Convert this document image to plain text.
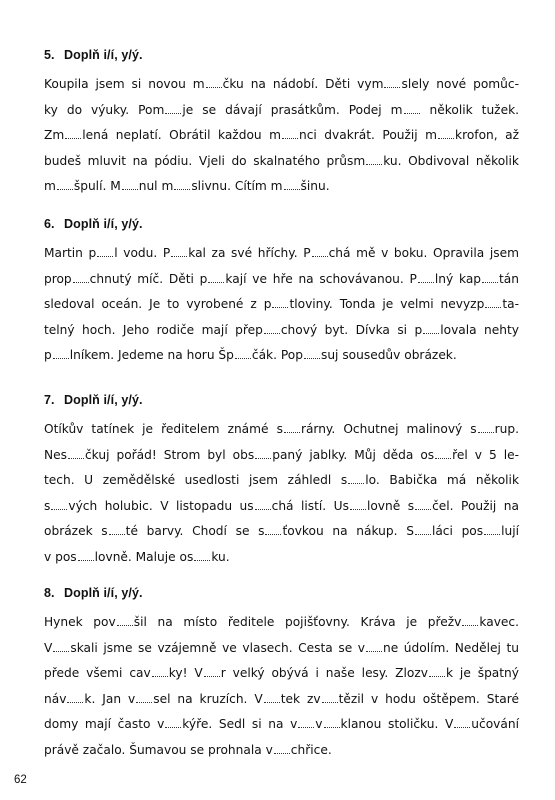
5. Doplň i/í, y/ý.
Koupila jsem si novou m čku na nádobí. Děti vym slely nové pomůc-
ky do výuky. Pom je se dávají prasátkům. Podej m několik tužek.
Zm lená neplatí. Obrátil každou m nci dvakrát. Použij m krofon, až
budeš mluvit na pódiu. Vjeli do skalnatého průsm ku. Obdivoval několik
m špulí. M nul m slivnu. Cítím m šinu.
6. Doplň i/í, y/ý.
Martin p l vodu. P kal za své hříchy. P chá mě v boku. Opravila jsem
prop chnutý míč. Děti p kají ve hře na schovávanou. P lný kap tán
sledoval oceán. Je to vyrobené z p tloviny. Tonda je velmi nevyzp ta-
telný hoch. Jeho rodiče mají přep chový byt. Dívka si p lovala nehty
p lníkem. Jedeme na horu Šp čák. Pop suj sousedův obrázek.
7. Doplň i/í, y/ý.
Otíkův tatínek je ředitelem známé s rárny. Ochutnej malinový s rup.
Nes čkuj pořád! Strom byl obs paný jablky. Můj děda os řel v 5 le-
tech. U zemědělské usedlosti jsem záhledl s lo. Babička má několik
s vých holubic. V listopadu us chá listí. Us lovně s čel. Použij na
obrázek s té barvy. Chodí se s ťovkou na nákup. S láci pos lují
v pos lovně. Maluje os ku.
8. Doplň i/í, y/ý.
Hynek pov šil na místo ředitele pojišťovny. Kráva je přežv kavec.
V skali jsme se vzájemně ve vlasech. Cesta se v ne údolím. Nedělej tu
přede všemi cav ky! V r velký obývá i naše lesy. Zlozv k je špatný
náv k. Jan v sel na kruzích. V tek zv tězil v hodu oštěpem. Staré
domy mají často v kýře. Sedl si na v v klanou stoličku. V učování
právě začalo. Šumavou se prohnala v chřice.
62
